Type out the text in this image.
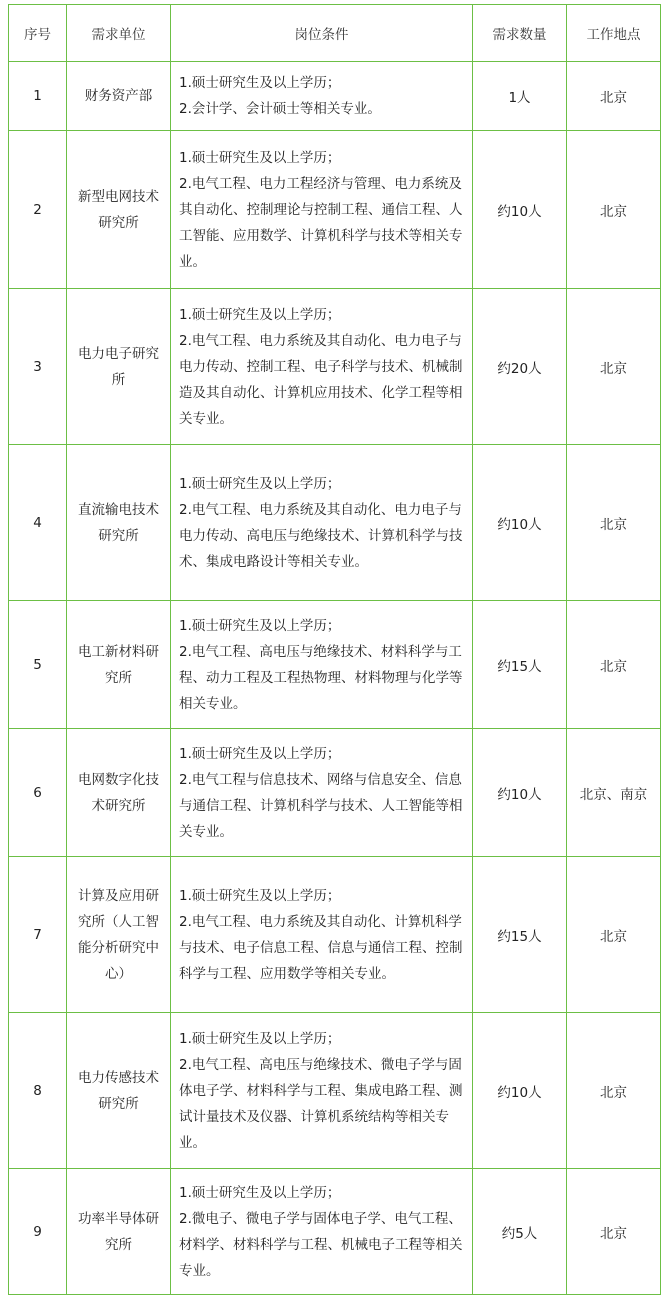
序号	需求单位	岗位条件	需求数量	工作地点
1	财务资产部	1.硕士研究生及以上学历；
2.会计学、会计硕士等相关专业。	1人	北京
2	新型电网技术研究所	1.硕士研究生及以上学历；
2.电气工程、电力工程经济与管理、电力系统及其自动化、控制理论与控制工程、通信工程、人工智能、应用数学、计算机科学与技术等相关专业。	约10人	北京
3	电力电子研究所	1.硕士研究生及以上学历；
2.电气工程、电力系统及其自动化、电力电子与电力传动、控制工程、电子科学与技术、机械制造及其自动化、计算机应用技术、化学工程等相关专业。	约20人	北京
4	直流输电技术研究所	1.硕士研究生及以上学历；
2.电气工程、电力系统及其自动化、电力电子与电力传动、高电压与绝缘技术、计算机科学与技术、集成电路设计等相关专业。	约10人	北京
5	电工新材料研究所	1.硕士研究生及以上学历；
2.电气工程、高电压与绝缘技术、材料科学与工程、动力工程及工程热物理、材料物理与化学等相关专业。	约15人	北京
6	电网数字化技术研究所	1.硕士研究生及以上学历；
2.电气工程与信息技术、网络与信息安全、信息与通信工程、计算机科学与技术、人工智能等相关专业。	约10人	北京、南京
7	计算及应用研究所（人工智能分析研究中心）	1.硕士研究生及以上学历；
2.电气工程、电力系统及其自动化、计算机科学与技术、电子信息工程、信息与通信工程、控制科学与工程、应用数学等相关专业。	约15人	北京
8	电力传感技术研究所	1.硕士研究生及以上学历；
2.电气工程、高电压与绝缘技术、微电子学与固体电子学、材料科学与工程、集成电路工程、测试计量技术及仪器、计算机系统结构等相关专业。	约10人	北京
9	功率半导体研究所	1.硕士研究生及以上学历；
2.微电子、微电子学与固体电子学、电气工程、材料学、材料科学与工程、机械电子工程等相关专业。	约5人	北京
